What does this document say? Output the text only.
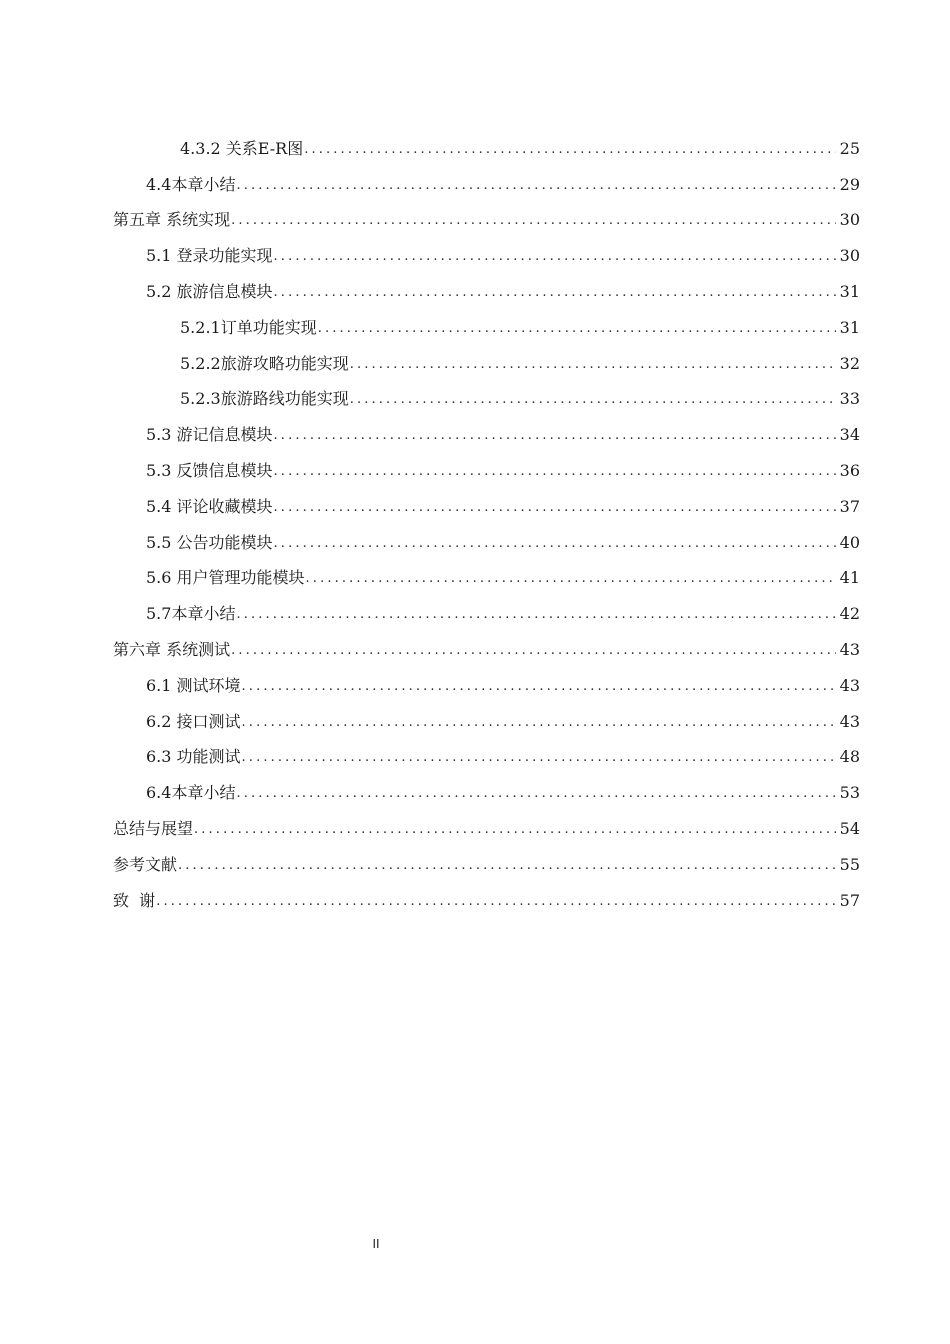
4.3.2 关系E-R图 . . .	25
4.4本章小结 . . .	29
第五章 系统实现 . . .	30
5.1 登录功能实现 . . .	30
5.2 旅游信息模块 . . .	31
5.2.1订单功能实现 . . .	31
5.2.2旅游攻略功能实现 . . .	32
5.2.3旅游路线功能实现 . . .	33
5.3 游记信息模块 . . .	34
5.3 反馈信息模块 . . .	36
5.4 评论收藏模块 . . .	37
5.5 公告功能模块 . . .	40
5.6 用户管理功能模块 . . .	41
5.7本章小结 . . .	42
第六章 系统测试 . . .	43
6.1 测试环境 . . .	43
6.2 接口测试 . . .	43
6.3 功能测试 . . .	48
6.4本章小结 . . .	53
总结与展望 . . .	54
参考文献 . . .	55
致  谢 . . .	57
II
